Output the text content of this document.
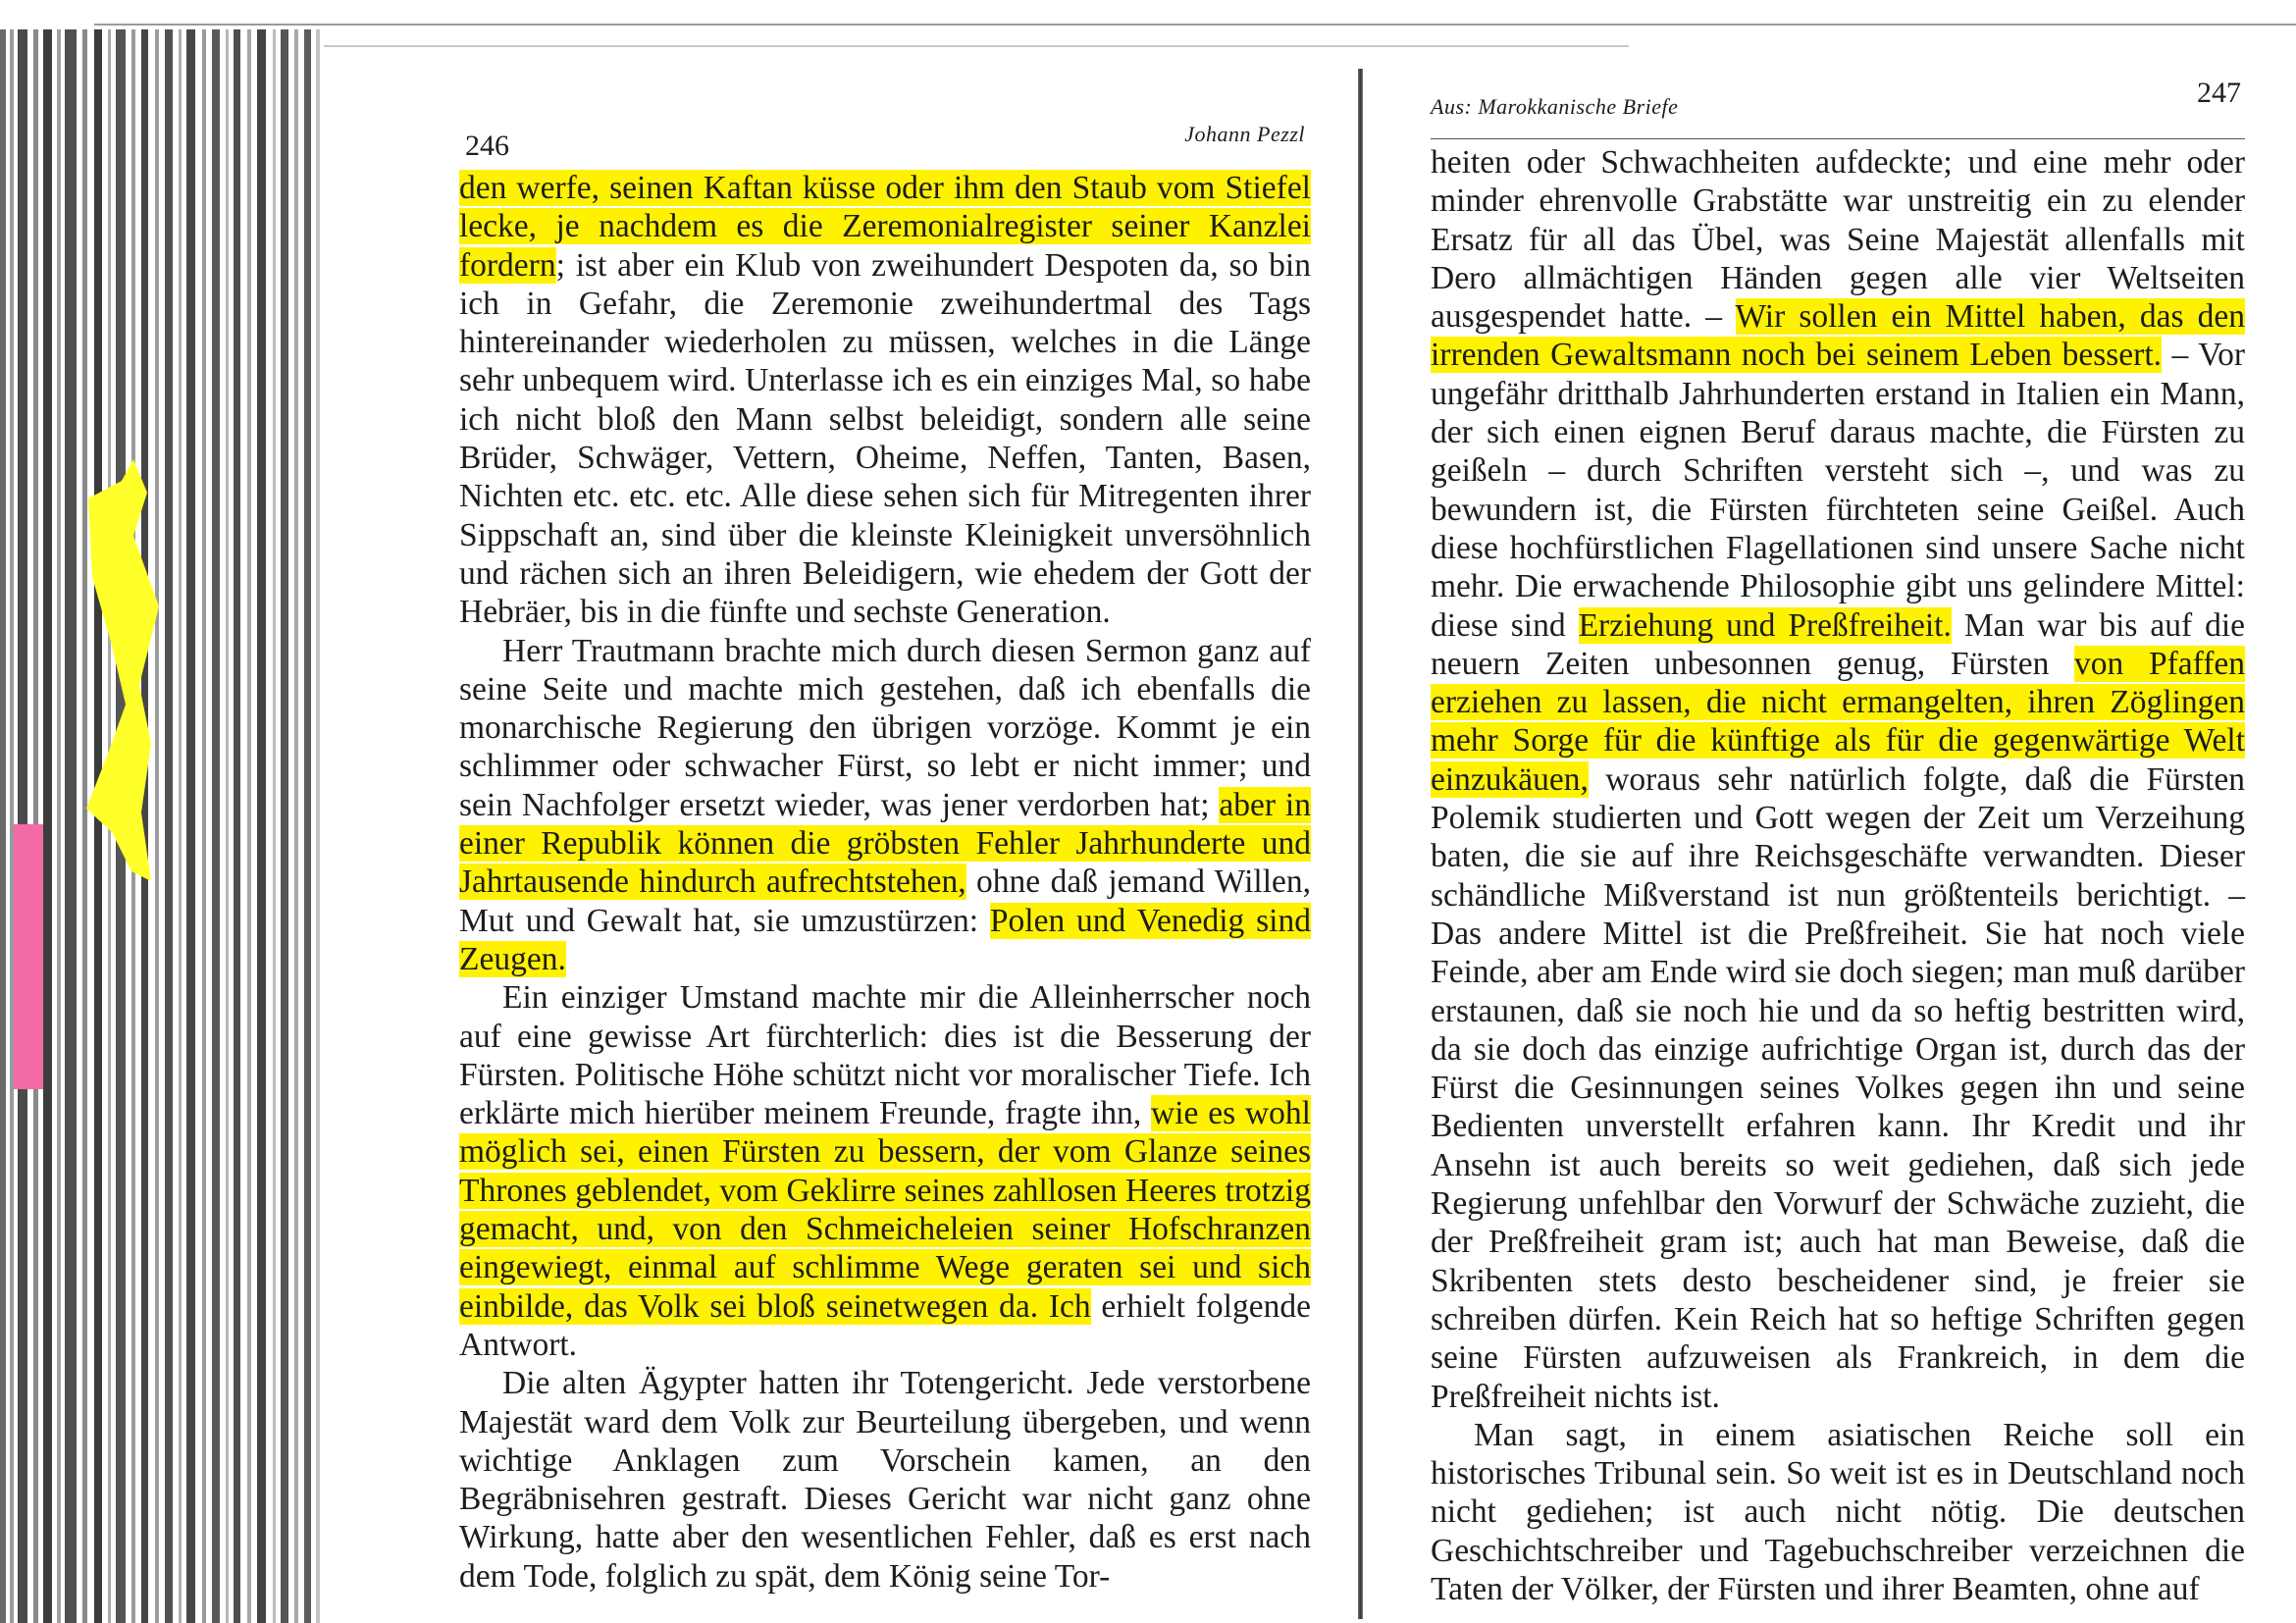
246	Johann Pezzl

den werfe, seinen Kaftan küsse oder ihm den Staub vom Stiefel lecke, je nachdem es die Zeremonialregister seiner Kanzlei fordern; ist aber ein Klub von zweihundert Despoten da, so bin ich in Gefahr, die Zeremonie zweihundertmal des Tags hintereinander wiederholen zu müssen, welches in die Länge sehr unbequem wird. Unterlasse ich es ein einziges Mal, so habe ich nicht bloß den Mann selbst beleidigt, sondern alle seine Brüder, Schwäger, Vettern, Oheime, Neffen, Tanten, Basen, Nichten etc. etc. etc. Alle diese sehen sich für Mitregenten ihrer Sippschaft an, sind über die kleinste Kleinigkeit unversöhnlich und rächen sich an ihren Beleidigern, wie ehedem der Gott der Hebräer, bis in die fünfte und sechste Generation.

Herr Trautmann brachte mich durch diesen Sermon ganz auf seine Seite und machte mich gestehen, daß ich ebenfalls die monarchische Regierung den übrigen vorzöge. Kommt je ein schlimmer oder schwacher Fürst, so lebt er nicht immer; und sein Nachfolger ersetzt wieder, was jener verdorben hat; aber in einer Republik können die gröbsten Fehler Jahrhunderte und Jahrtausende hindurch aufrechtstehen, ohne daß jemand Willen, Mut und Gewalt hat, sie umzustürzen: Polen und Venedig sind Zeugen.

Ein einziger Umstand machte mir die Alleinherrscher noch auf eine gewisse Art fürchterlich: dies ist die Besserung der Fürsten. Politische Höhe schützt nicht vor moralischer Tiefe. Ich erklärte mich hierüber meinem Freunde, fragte ihn, wie es wohl möglich sei, einen Fürsten zu bessern, der vom Glanze seines Thrones geblendet, vom Geklirre seines zahllosen Heeres trotzig gemacht, und, von den Schmeicheleien seiner Hofschranzen eingewiegt, einmal auf schlimme Wege geraten sei und sich einbilde, das Volk sei bloß seinetwegen da. Ich erhielt folgende Antwort.

Die alten Ägypter hatten ihr Totengericht. Jede verstorbene Majestät ward dem Volk zur Beurteilung übergeben, und wenn wichtige Anklagen zum Vorschein kamen, an den Begräbnisehren gestraft. Dieses Gericht war nicht ganz ohne Wirkung, hatte aber den wesentlichen Fehler, daß es erst nach dem Tode, folglich zu spät, dem König seine Tor-

Aus: Marokkanische Briefe	247

heiten oder Schwachheiten aufdeckte; und eine mehr oder minder ehrenvolle Grabstätte war unstreitig ein zu elender Ersatz für all das Übel, was Seine Majestät allenfalls mit Dero allmächtigen Händen gegen alle vier Weltseiten ausgespendet hatte. – Wir sollen ein Mittel haben, das den irrenden Gewaltsmann noch bei seinem Leben bessert. – Vor ungefähr dritthalb Jahrhunderten erstand in Italien ein Mann, der sich einen eignen Beruf daraus machte, die Fürsten zu geißeln – durch Schriften versteht sich –, und was zu bewundern ist, die Fürsten fürchteten seine Geißel. Auch diese hochfürstlichen Flagellationen sind unsere Sache nicht mehr. Die erwachende Philosophie gibt uns gelindere Mittel: diese sind Erziehung und Preßfreiheit. Man war bis auf die neuern Zeiten unbesonnen genug, Fürsten von Pfaffen erziehen zu lassen, die nicht ermangelten, ihren Zöglingen mehr Sorge für die künftige als für die gegenwärtige Welt einzukäuen, woraus sehr natürlich folgte, daß die Fürsten Polemik studierten und Gott wegen der Zeit um Verzeihung baten, die sie auf ihre Reichsgeschäfte verwandten. Dieser schändliche Mißverstand ist nun größtenteils berichtigt. – Das andere Mittel ist die Preßfreiheit. Sie hat noch viele Feinde, aber am Ende wird sie doch siegen; man muß darüber erstaunen, daß sie noch hie und da so heftig bestritten wird, da sie doch das einzige aufrichtige Organ ist, durch das der Fürst die Gesinnungen seines Volkes gegen ihn und seine Bedienten unverstellt erfahren kann. Ihr Kredit und ihr Ansehn ist auch bereits so weit gediehen, daß sich jede Regierung unfehlbar den Vorwurf der Schwäche zuzieht, die der Preßfreiheit gram ist; auch hat man Beweise, daß die Skribenten stets desto bescheidener sind, je freier sie schreiben dürfen. Kein Reich hat so heftige Schriften gegen seine Fürsten aufzuweisen als Frankreich, in dem die Preßfreiheit nichts ist.

Man sagt, in einem asiatischen Reiche soll ein historisches Tribunal sein. So weit ist es in Deutschland noch nicht gediehen; ist auch nicht nötig. Die deutschen Geschichtschreiber und Tagebuchschreiber verzeichnen die Taten der Völker, der Fürsten und ihrer Beamten, ohne auf
